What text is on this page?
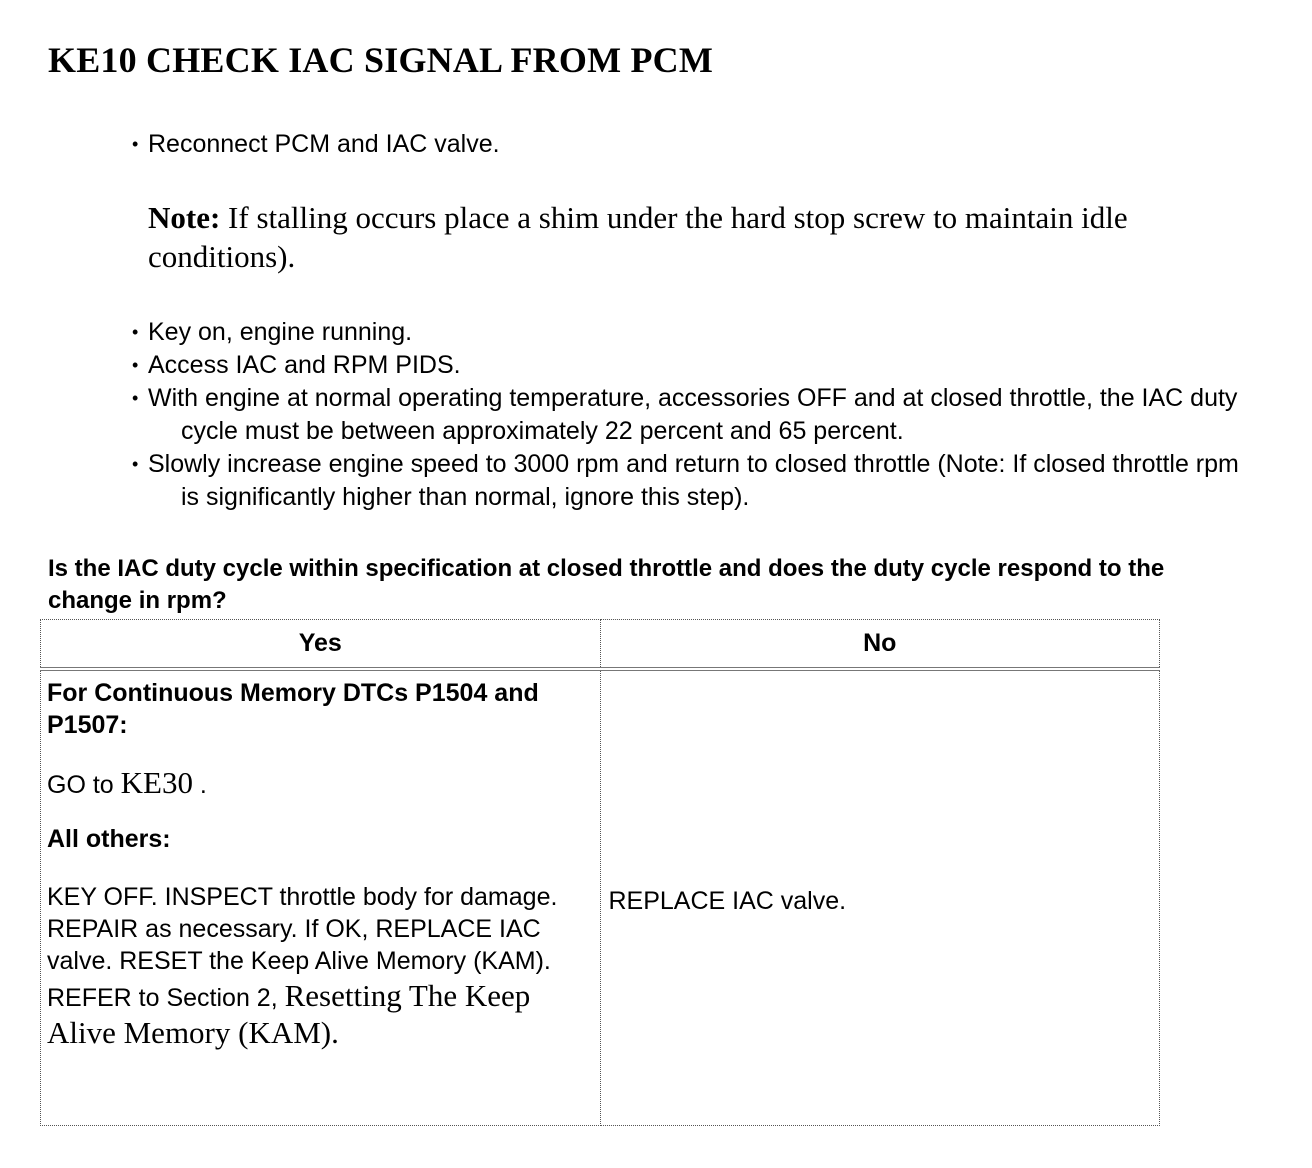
KE10 CHECK IAC SIGNAL FROM PCM
• Reconnect PCM and IAC valve.
Note: If stalling occurs place a shim under the hard stop screw to maintain idle conditions).
• Key on, engine running.
• Access IAC and RPM PIDS.
• With engine at normal operating temperature, accessories OFF and at closed throttle, the IAC duty cycle must be between approximately 22 percent and 65 percent.
• Slowly increase engine speed to 3000 rpm and return to closed throttle (Note: If closed throttle rpm is significantly higher than normal, ignore this step).
Is the IAC duty cycle within specification at closed throttle and does the duty cycle respond to the change in rpm?
Yes	No

For Continuous Memory DTCs P1504 and P1507:

GO to KE30 .

All others:

KEY OFF. INSPECT throttle body for damage. REPAIR as necessary. If OK, REPLACE IAC valve. RESET the Keep Alive Memory (KAM). REFER to Section 2, Resetting The Keep Alive Memory (KAM).	REPLACE IAC valve.
